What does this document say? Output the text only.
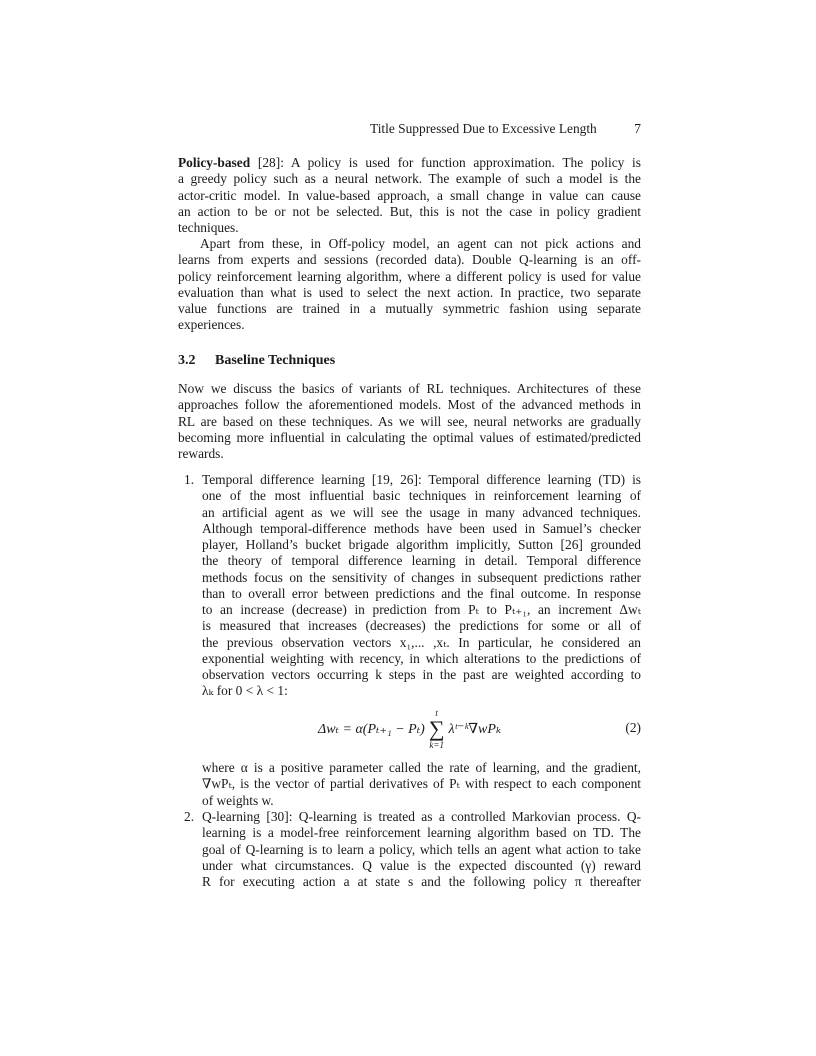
Title Suppressed Due to Excessive Length	7
Policy-based [28]: A policy is used for function approximation. The policy is
a greedy policy such as a neural network. The example of such a model is the
actor-critic model. In value-based approach, a small change in value can cause
an action to be or not be selected. But, this is not the case in policy gradient
techniques.
Apart from these, in Off-policy model, an agent can not pick actions and
learns from experts and sessions (recorded data). Double Q-learning is an off-
policy reinforcement learning algorithm, where a different policy is used for value
evaluation than what is used to select the next action. In practice, two separate
value functions are trained in a mutually symmetric fashion using separate
experiences.
3.2 Baseline Techniques
Now we discuss the basics of variants of RL techniques. Architectures of these
approaches follow the aforementioned models. Most of the advanced methods in
RL are based on these techniques. As we will see, neural networks are gradually
becoming more influential in calculating the optimal values of estimated/predicted
rewards.
1. Temporal difference learning [19, 26]: Temporal difference learning (TD) is
one of the most influential basic techniques in reinforcement learning of
an artificial agent as we will see the usage in many advanced techniques.
Although temporal-difference methods have been used in Samuel’s checker
player, Holland’s bucket brigade algorithm implicitly, Sutton [26] grounded
the theory of temporal difference learning in detail. Temporal difference
methods focus on the sensitivity of changes in subsequent predictions rather
than to overall error between predictions and the final outcome. In response
to an increase (decrease) in prediction from Pₜ to Pₜ₊₁, an increment Δwₜ
is measured that increases (decreases) the predictions for some or all of
the previous observation vectors x₁,... ,xₜ. In particular, he considered an
exponential weighting with recency, in which alterations to the predictions of
observation vectors occurring k steps in the past are weighted according to
λₖ for 0 < λ < 1:
Δwₜ = α(Pₜ₊₁ − Pₜ)
t
∑
k=1
λᵗ⁻ᵏ∇wPₖ	(2)
where α is a positive parameter called the rate of learning, and the gradient,
∇wPₜ, is the vector of partial derivatives of Pₜ with respect to each component
of weights w.
2. Q-learning [30]: Q-learning is treated as a controlled Markovian process. Q-
learning is a model-free reinforcement learning algorithm based on TD. The
goal of Q-learning is to learn a policy, which tells an agent what action to take
under what circumstances. Q value is the expected discounted (γ) reward
R for executing action a at state s and the following policy π thereafter
